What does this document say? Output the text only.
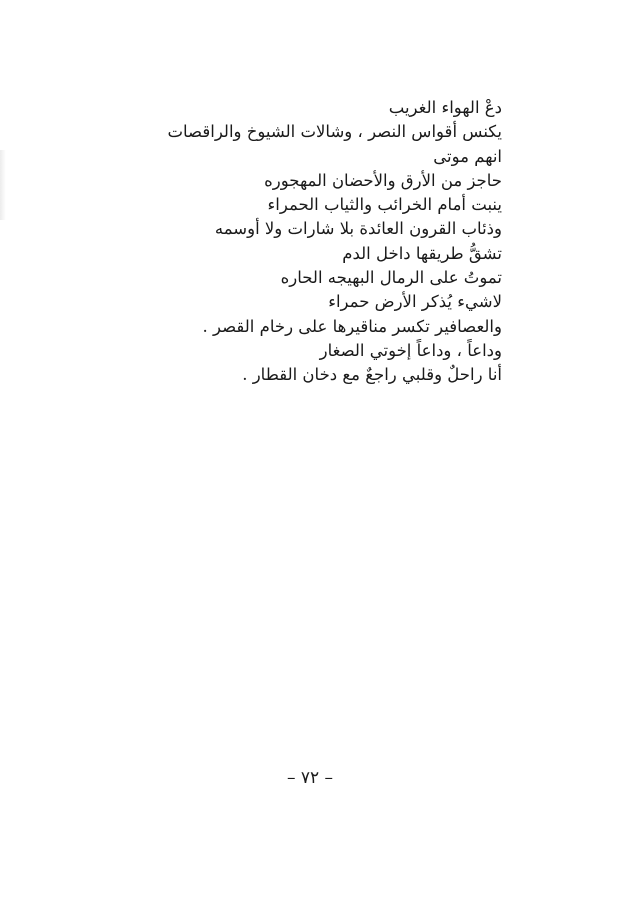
دعْ الهواء الغريب
يكنس أقواس النصر ، وشالات الشيوخ والراقصات
انهم موتى
حاجز من الأرق والأحضان المهجوره
ينبت أمام الخرائب والثياب الحمراء
وذئاب القرون العائدة بلا شارات ولا أوسمه
تشقُّ طريقها داخل الدم
تموتُ على الرمال البهيجه الحاره
لاشيء يُذكر الأرض حمراء
والعصافير تكسر مناقيرها على رخام القصر .
وداعاً ، وداعاً إخوتي الصغار
أنا راحلٌ وقلبي راجعٌ مع دخان القطار .
– ٧٢ –
